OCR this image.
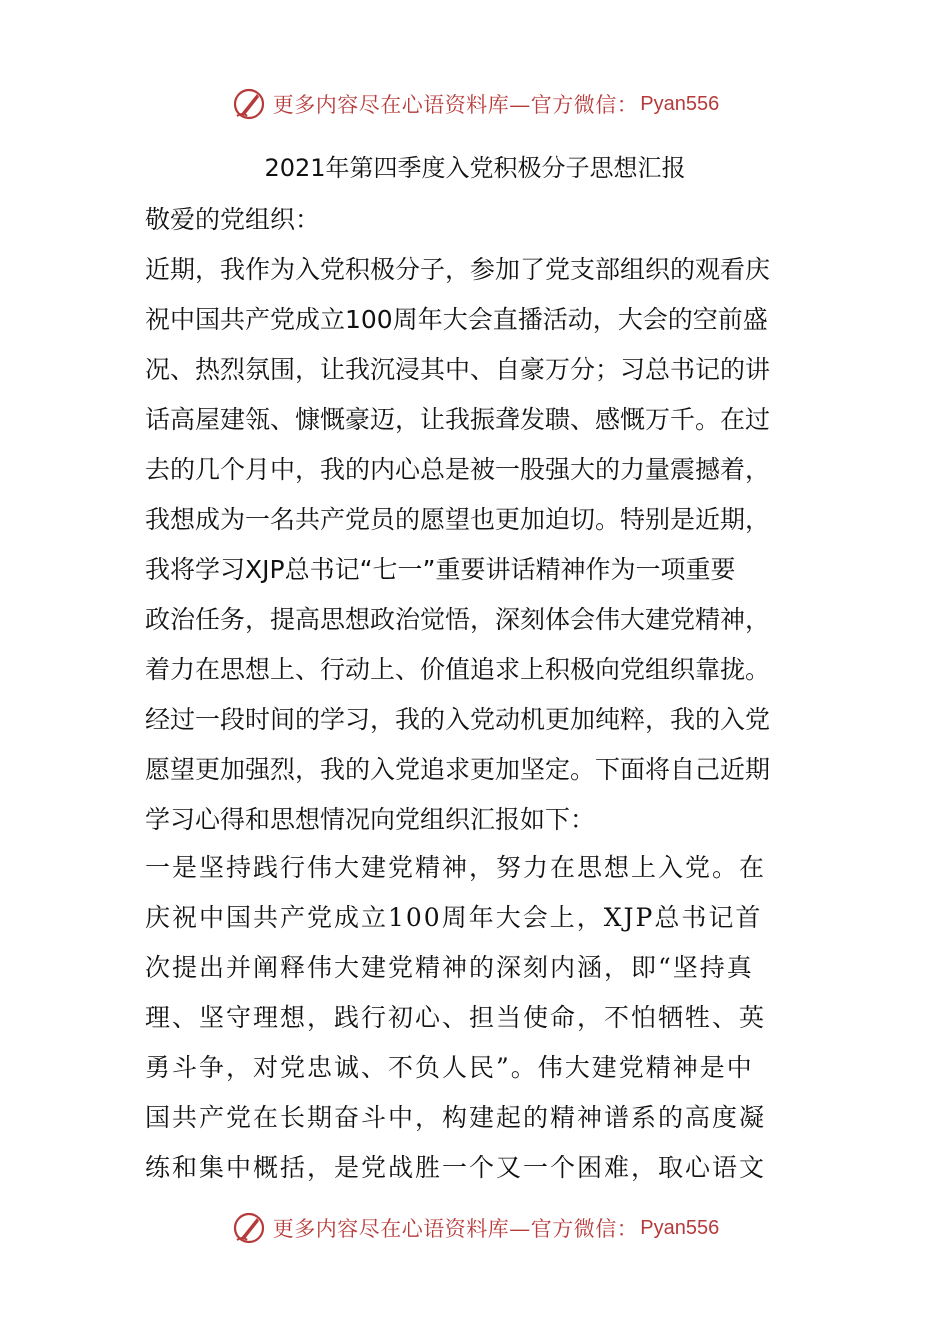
更多内容尽在心语资料库—官方微信： Pyan556
2021年第四季度入党积极分子思想汇报
敬爱的党组织：
近期，我作为入党积极分子，参加了党支部组织的观看庆
祝中国共产党成立100周年大会直播活动，大会的空前盛
况、热烈氛围，让我沉浸其中、自豪万分；习总书记的讲
话高屋建瓴、慷慨豪迈，让我振聋发聩、感慨万千。在过
去的几个月中，我的内心总是被一股强大的力量震撼着，
我想成为一名共产党员的愿望也更加迫切。特别是近期，
我将学习XJP总书记“七一”重要讲话精神作为一项重要
政治任务，提高思想政治觉悟，深刻体会伟大建党精神，
着力在思想上、行动上、价值追求上积极向党组织靠拢。
经过一段时间的学习，我的入党动机更加纯粹，我的入党
愿望更加强烈，我的入党追求更加坚定。下面将自己近期
学习心得和思想情况向党组织汇报如下：
一是坚持践行伟大建党精神，努力在思想上入党。在
庆祝中国共产党成立100周年大会上，XJP总书记首
次提出并阐释伟大建党精神的深刻内涵，即“坚持真
理、坚守理想，践行初心、担当使命，不怕牺牲、英
勇斗争，对党忠诚、不负人民”。伟大建党精神是中
国共产党在长期奋斗中，构建起的精神谱系的高度凝
练和集中概括，是党战胜一个又一个困难，取心语文
更多内容尽在心语资料库—官方微信： Pyan556
